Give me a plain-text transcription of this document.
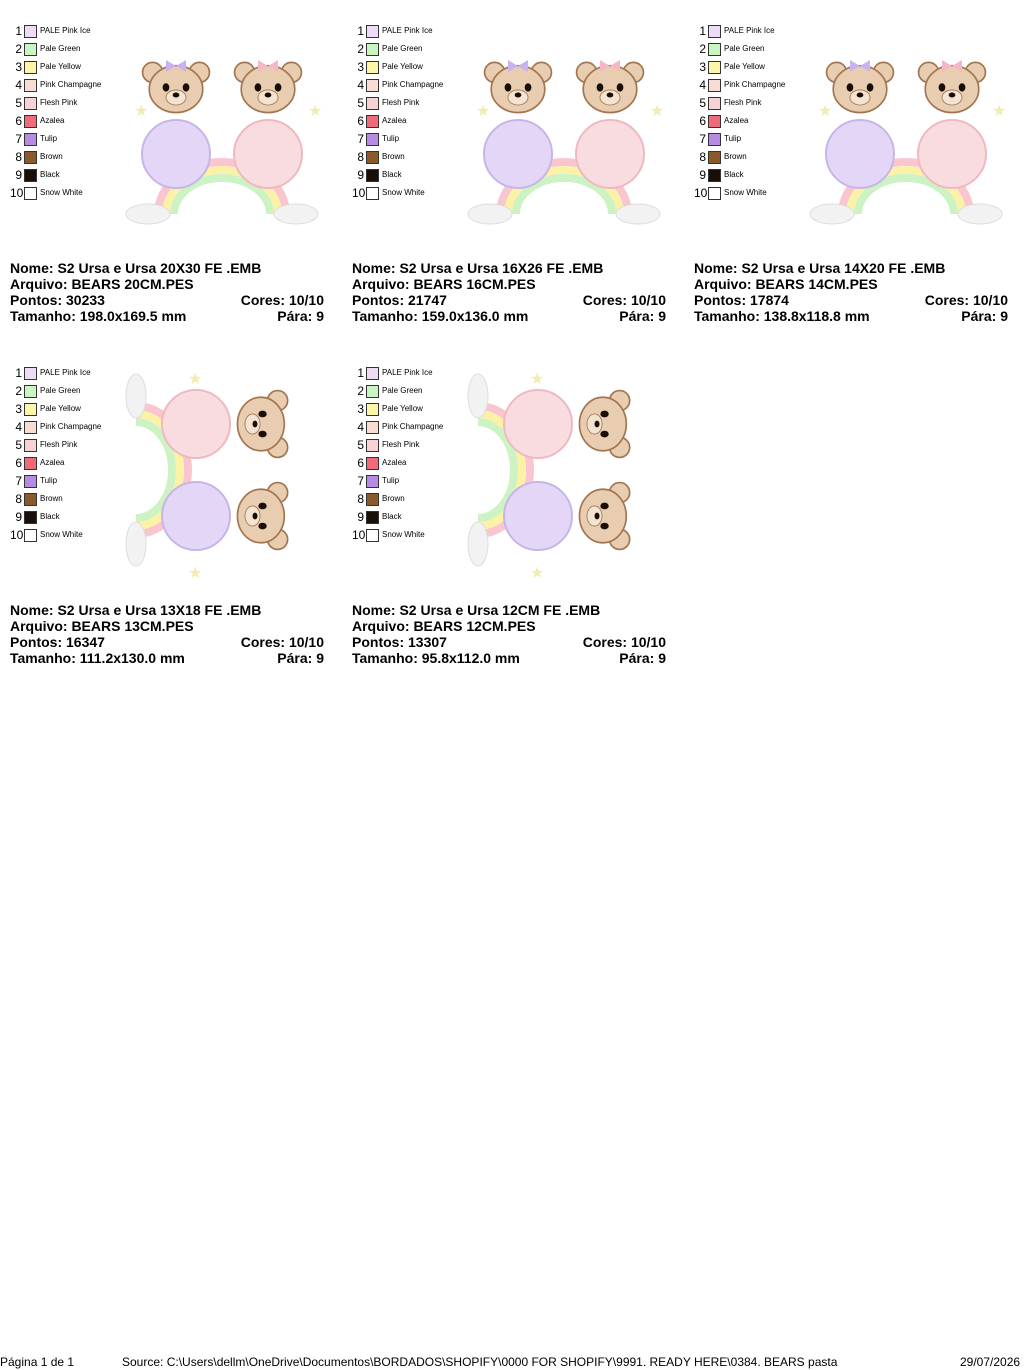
1 PALE Pink Ice
2 Pale Green
3 Pale Yellow
4 Pink Champagne
5 Flesh Pink
6 Azalea
7 Tulip
8 Brown
9 Black
10 Snow White
★	★
Nome: S2 Ursa e Ursa 20X30 FE .EMB
Arquivo: BEARS 20CM.PES
Pontos: 30233	Cores: 10/10
Tamanho: 198.0x169.5 mm	Pára: 9
1 PALE Pink Ice
2 Pale Green
3 Pale Yellow
4 Pink Champagne
5 Flesh Pink
6 Azalea
7 Tulip
8 Brown
9 Black
10 Snow White
★	★
Nome: S2 Ursa e Ursa 16X26 FE .EMB
Arquivo: BEARS 16CM.PES
Pontos: 21747	Cores: 10/10
Tamanho: 159.0x136.0 mm	Pára: 9
1 PALE Pink Ice
2 Pale Green
3 Pale Yellow
4 Pink Champagne
5 Flesh Pink
6 Azalea
7 Tulip
8 Brown
9 Black
10 Snow White
★	★
Nome: S2 Ursa e Ursa 14X20 FE .EMB
Arquivo: BEARS 14CM.PES
Pontos: 17874	Cores: 10/10
Tamanho: 138.8x118.8 mm	Pára: 9
1 PALE Pink Ice
2 Pale Green
3 Pale Yellow
4 Pink Champagne
5 Flesh Pink
6 Azalea
7 Tulip
8 Brown
9 Black
10 Snow White
★
★
Nome: S2 Ursa e Ursa 13X18 FE .EMB
Arquivo: BEARS 13CM.PES
Pontos: 16347	Cores: 10/10
Tamanho: 111.2x130.0 mm	Pára: 9
1 PALE Pink Ice
2 Pale Green
3 Pale Yellow
4 Pink Champagne
5 Flesh Pink
6 Azalea
7 Tulip
8 Brown
9 Black
10 Snow White
★
★
Nome: S2 Ursa e Ursa 12CM FE .EMB
Arquivo: BEARS 12CM.PES
Pontos: 13307	Cores: 10/10
Tamanho: 95.8x112.0 mm	Pára: 9
Página 1 de 1	Source: C:\Users\dellm\OneDrive\Documentos\BORDADOS\SHOPIFY\0000 FOR SHOPIFY\9991. READY HERE\0384. BEARS pasta	29/07/2026
